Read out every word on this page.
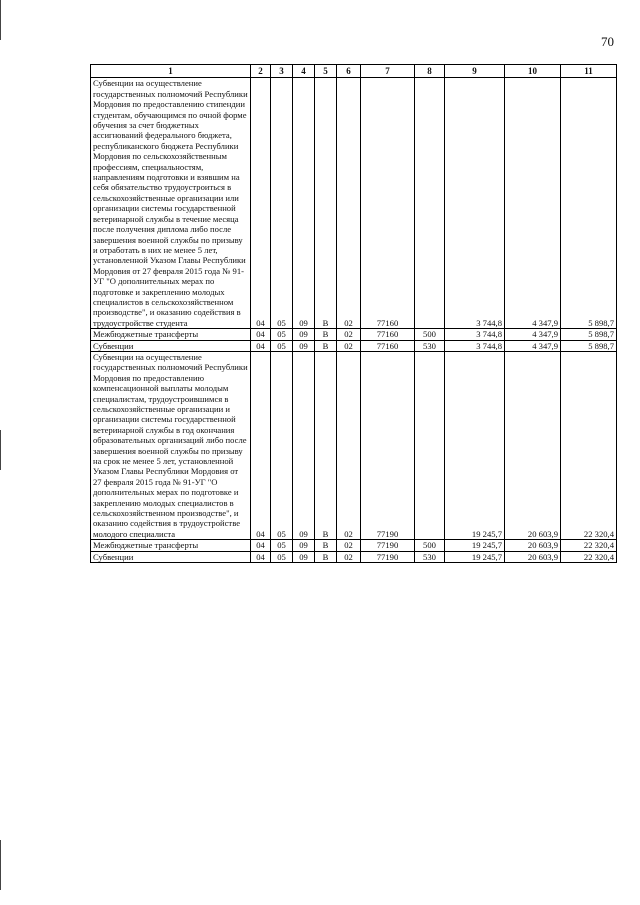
70
1	2	3	4	5	6	7	8	9	10	11
Субвенции на осуществление государственных полномочий Республики Мордовия по предоставлению стипендии студентам, обучающимся по очной форме обучения за счет бюджетных ассигнований федерального бюджета, республиканского бюджета Республики Мордовия по сельскохозяйственным профессиям, специальностям, направлениям подготовки и взявшим на себя обязательство трудоустроиться в сельскохозяйственные организации или организации системы государственной ветеринарной службы в течение месяца после получения диплома либо после завершения военной службы по призыву и отработать в них не менее 5 лет, установленной Указом Главы Республики Мордовия от 27 февраля 2015 года № 91-УГ "О дополнительных мерах по подготовке и закреплению молодых специалистов в сельскохозяйственном производстве", и оказанию содействия в трудоустройстве студента	04	05	09	В	02	77160		3 744,8	4 347,9	5 898,7
Межбюджетные трансферты	04	05	09	В	02	77160	500	3 744,8	4 347,9	5 898,7
Субвенции	04	05	09	В	02	77160	530	3 744,8	4 347,9	5 898,7
Субвенции на осуществление государственных полномочий Республики Мордовия по предоставлению компенсационной выплаты молодым специалистам, трудоустроившимся в сельскохозяйственные организации и организации системы государственной ветеринарной службы в год окончания образовательных организаций либо после завершения военной службы по призыву на срок не менее 5 лет, установленной Указом Главы Республики Мордовия от 27 февраля 2015 года № 91-УГ "О дополнительных мерах по подготовке и закреплению молодых специалистов в сельскохозяйственном производстве", и оказанию содействия в трудоустройстве молодого специалиста	04	05	09	В	02	77190		19 245,7	20 603,9	22 320,4
Межбюджетные трансферты	04	05	09	В	02	77190	500	19 245,7	20 603,9	22 320,4
Субвенции	04	05	09	В	02	77190	530	19 245,7	20 603,9	22 320,4
